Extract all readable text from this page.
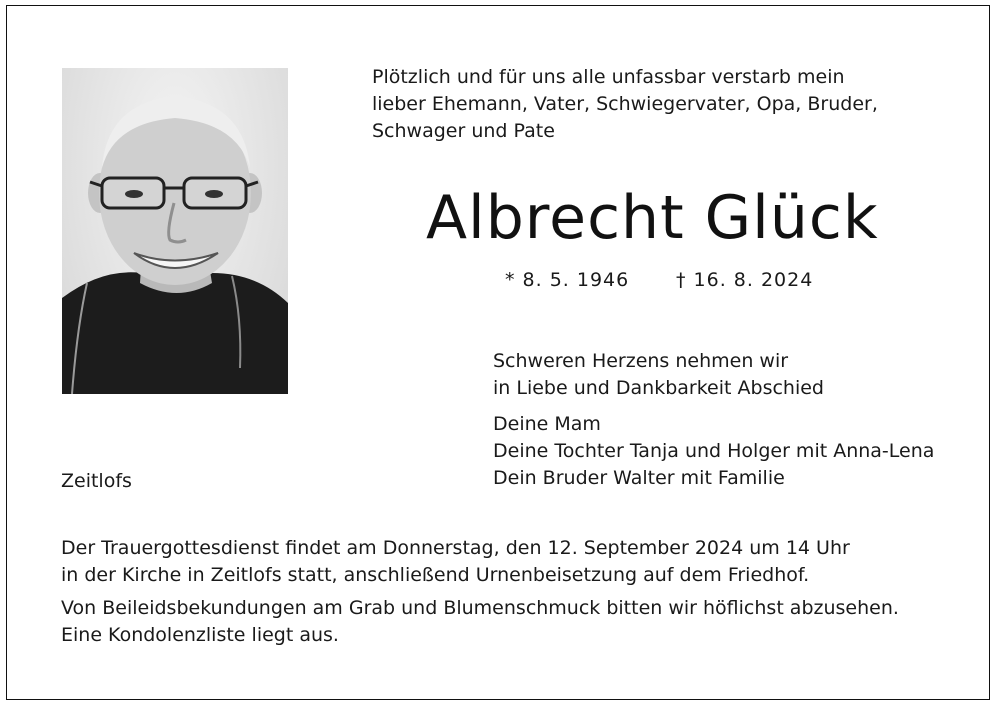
Plötzlich und für uns alle unfassbar verstarb mein
lieber Ehemann, Vater, Schwiegervater, Opa, Bruder,
Schwager und Pate
Albrecht Glück
* 8. 5. 1946 † 16. 8. 2024
Schweren Herzens nehmen wir
in Liebe und Dankbarkeit Abschied
Deine Mam
Deine Tochter Tanja und Holger mit Anna-Lena
Dein Bruder Walter mit Familie
Zeitlofs
Der Trauergottesdienst findet am Donnerstag, den 12. September 2024 um 14 Uhr
in der Kirche in Zeitlofs statt, anschließend Urnenbeisetzung auf dem Friedhof.
Von Beileidsbekundungen am Grab und Blumenschmuck bitten wir höflichst abzusehen.
Eine Kondolenzliste liegt aus.
